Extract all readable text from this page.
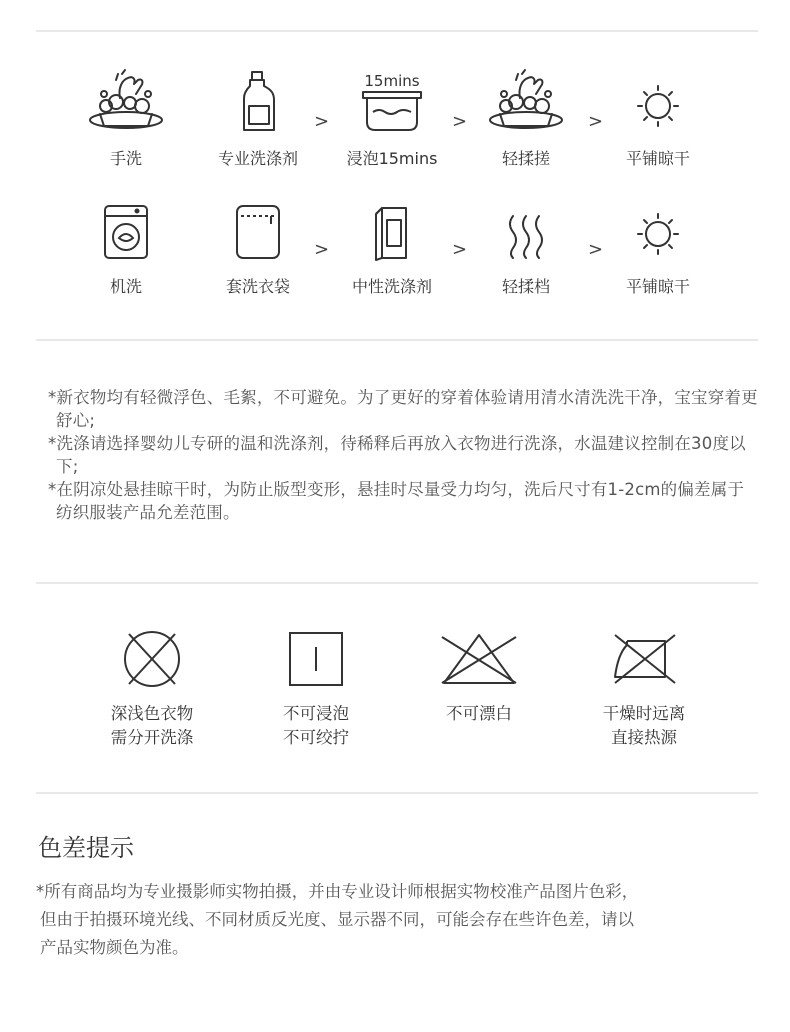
手洗	专业洗涤剂
15mins
浸泡15mins	轻揉搓	平铺晾干
>	>	>
机洗	套洗衣袋	中性洗涤剂	轻揉档	平铺晾干
>	>	>

*新衣物均有轻微浮色、毛絮，不可避免。为了更好的穿着体验请用清水清洗洗干净，宝宝穿着更舒心;

*洗涤请选择婴幼儿专研的温和洗涤剂，待稀释后再放入衣物进行洗涤，水温建议控制在30度以下;

*在阴凉处悬挂晾干时，为防止版型变形，悬挂时尽量受力均匀，洗后尺寸有1-2cm的偏差属于纺织服装产品允差范围。

深浅色衣物
需分开洗涤
不可浸泡
不可绞拧
不可漂白	干燥时远离
直接热源
色差提示
*所有商品均为专业摄影师实物拍摄，并由专业设计师根据实物校准产品图片色彩，
但由于拍摄环境光线、不同材质反光度、显示器不同，可能会存在些许色差，请以
产品实物颜色为准。
